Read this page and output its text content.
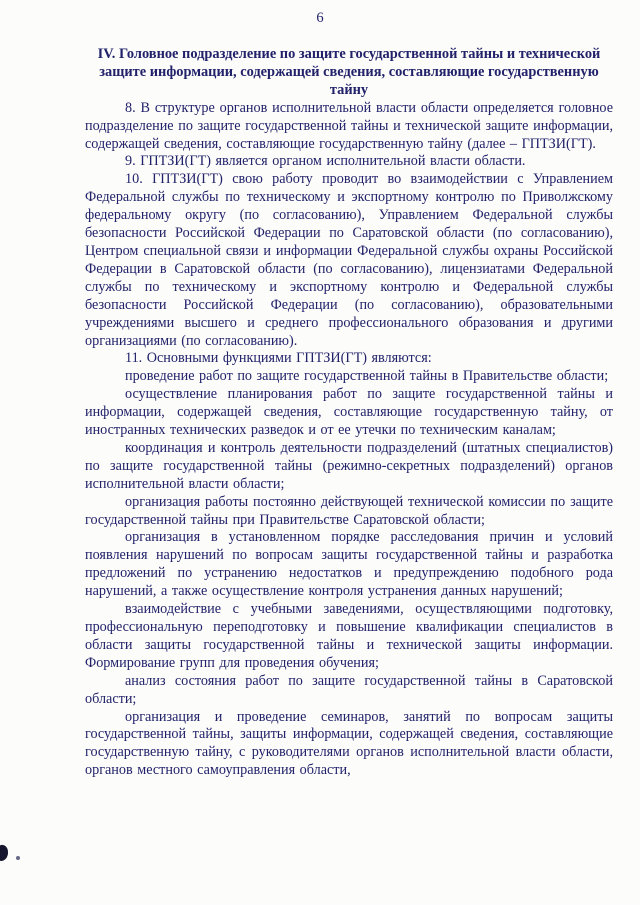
6
IV. Головное подразделение по защите государственной тайны и технической защите информации, содержащей сведения, составляющие государственную тайну

8. В структуре органов исполнительной власти области определяется головное подразделение по защите государственной тайны и технической защите информации, содержащей сведения, составляющие государственную тайну (далее – ГПТЗИ(ГТ).

9. ГПТЗИ(ГТ) является органом исполнительной власти области.

10. ГПТЗИ(ГТ) свою работу проводит во взаимодействии с Управлением Федеральной службы по техническому и экспортному контролю по Приволжскому федеральному округу (по согласованию), Управлением Федеральной службы безопасности Российской Федерации по Саратовской области (по согласованию), Центром специальной связи и информации Федеральной службы охраны Российской Федерации в Саратовской области (по согласованию), лицензиатами Федеральной службы по техническому и экспортному контролю и Федеральной службы безопасности Российской Федерации (по согласованию), образовательными учреждениями высшего и среднего профессионального образования и другими организациями (по согласованию).

11. Основными функциями ГПТЗИ(ГТ) являются:

проведение работ по защите государственной тайны в Правительстве области;

осуществление планирования работ по защите государственной тайны и информации, содержащей сведения, составляющие государственную тайну, от иностранных технических разведок и от ее утечки по техническим каналам;

координация и контроль деятельности подразделений (штатных специалистов) по защите государственной тайны (режимно-секретных подразделений) органов исполнительной власти области;

организация работы постоянно действующей технической комиссии по защите государственной тайны при Правительстве Саратовской области;

организация в установленном порядке расследования причин и условий появления нарушений по вопросам защиты государственной тайны и разработка предложений по устранению недостатков и предупреждению подобного рода нарушений, а также осуществление контроля устранения данных нарушений;

взаимодействие с учебными заведениями, осуществляющими подготовку, профессиональную переподготовку и повышение квалификации специалистов в области защиты государственной тайны и технической защиты информации. Формирование групп для проведения обучения;

анализ состояния работ по защите государственной тайны в Саратовской области;

организация и проведение семинаров, занятий по вопросам защиты государственной тайны, защиты информации, содержащей сведения, составляющие государственную тайну, с руководителями органов исполнительной власти области, органов местного самоуправления области,
